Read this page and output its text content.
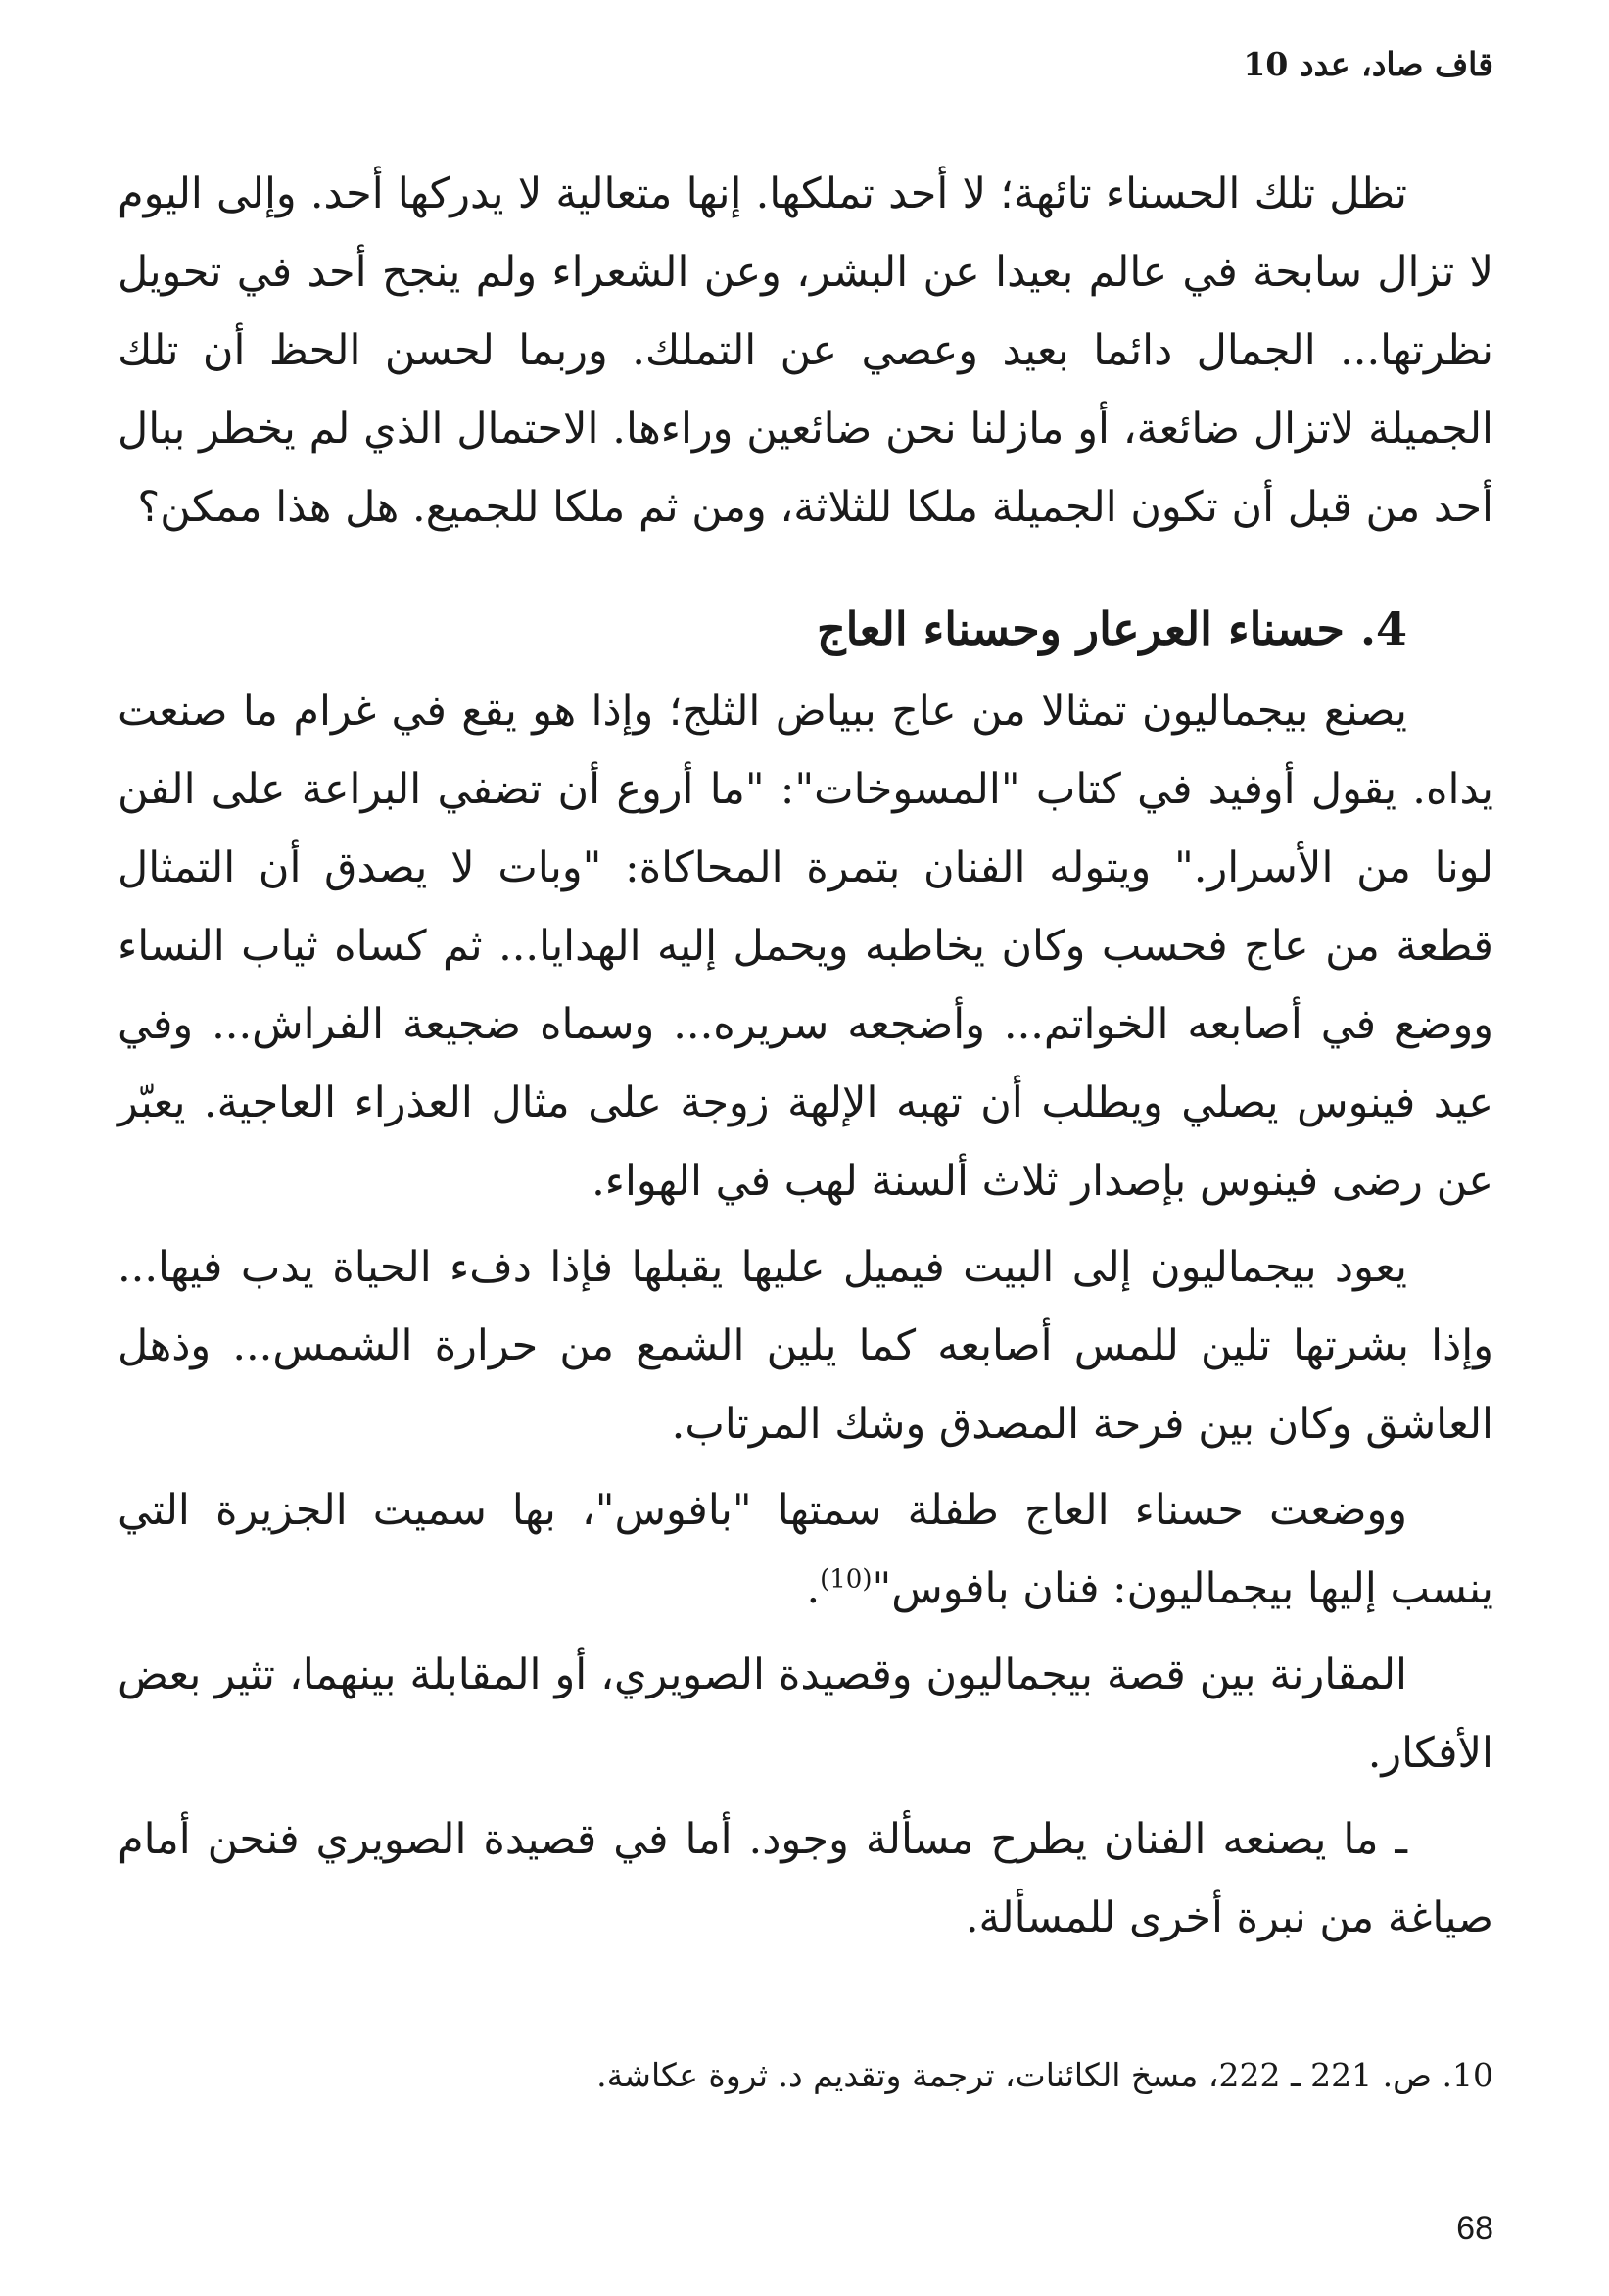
قاف صاد، عدد 10

تظل تلك الحسناء تائهة؛ لا أحد تملكها. إنها متعالية لا يدركها أحد. وإلى اليوم لا تزال سابحة في عالم بعيدا عن البشر، وعن الشعراء ولم ينجح أحد في تحويل نظرتها... الجمال دائما بعيد وعصي عن التملك. وربما لحسن الحظ أن تلك الجميلة لاتزال ضائعة، أو مازلنا نحن ضائعين وراءها. الاحتمال الذي لم يخطر ببال أحد من قبل أن تكون الجميلة ملكا للثلاثة، ومن ثم ملكا للجميع. هل هذا ممكن؟

4. حسناء العرعار وحسناء العاج

يصنع بيجماليون تمثالا من عاج ببياض الثلج؛ وإذا هو يقع في غرام ما صنعت يداه. يقول أوفيد في كتاب "المسوخات": "ما أروع أن تضفي البراعة على الفن لونا من الأسرار." ويتوله الفنان بتمرة المحاكاة: "وبات لا يصدق أن التمثال قطعة من عاج فحسب وكان يخاطبه ويحمل إليه الهدايا... ثم كساه ثياب النساء ووضع في أصابعه الخواتم... وأضجعه سريره... وسماه ضجيعة الفراش... وفي عيد فينوس يصلي ويطلب أن تهبه الإلهة زوجة على مثال العذراء العاجية. يعبّر عن رضى فينوس بإصدار ثلاث ألسنة لهب في الهواء.

يعود بيجماليون إلى البيت فيميل عليها يقبلها فإذا دفء الحياة يدب فيها... وإذا بشرتها تلين للمس أصابعه كما يلين الشمع من حرارة الشمس... وذهل العاشق وكان بين فرحة المصدق وشك المرتاب.

ووضعت حسناء العاج طفلة سمتها "بافوس"، بها سميت الجزيرة التي ينسب إليها بيجماليون: فنان بافوس"$^{(10)}$.

المقارنة بين قصة بيجماليون وقصيدة الصويري، أو المقابلة بينهما، تثير بعض الأفكار.

ـ ما يصنعه الفنان يطرح مسألة وجود. أما في قصيدة الصويري فنحن أمام صياغة من نبرة أخرى للمسألة.

10. ص. 221 ـ 222، مسخ الكائنات، ترجمة وتقديم د. ثروة عكاشة.
68
